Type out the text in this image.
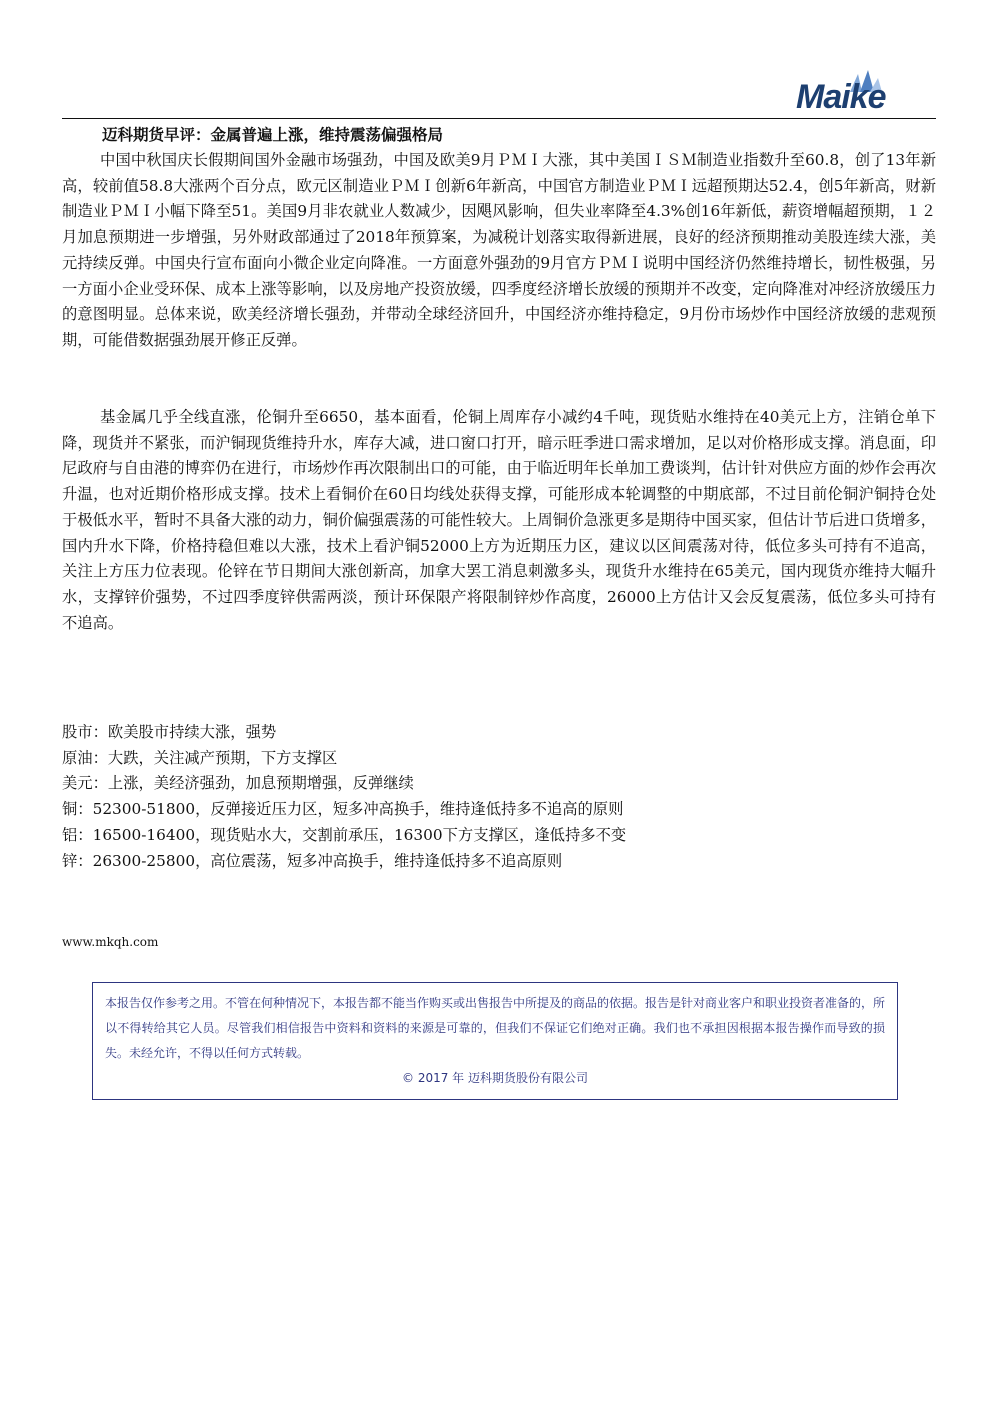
Maike
迈科期货早评：金属普遍上涨，维持震荡偏强格局

中国中秋国庆长假期间国外金融市场强劲，中国及欧美9月ＰＭＩ大涨，其中美国ＩＳＭ制造业指数升至60.8，创了13年新高，较前值58.8大涨两个百分点，欧元区制造业ＰＭＩ创新6年新高，中国官方制造业ＰＭＩ远超预期达52.4，创5年新高，财新制造业ＰＭＩ小幅下降至51。美国9月非农就业人数减少，因飓风影响，但失业率降至4.3%创16年新低，薪资增幅超预期，１２月加息预期进一步增强，另外财政部通过了2018年预算案，为减税计划落实取得新进展，良好的经济预期推动美股连续大涨，美元持续反弹。中国央行宣布面向小微企业定向降准。一方面意外强劲的9月官方ＰＭＩ说明中国经济仍然维持增长，韧性极强，另一方面小企业受环保、成本上涨等影响，以及房地产投资放缓，四季度经济增长放缓的预期并不改变，定向降准对冲经济放缓压力的意图明显。总体来说，欧美经济增长强劲，并带动全球经济回升，中国经济亦维持稳定，9月份市场炒作中国经济放缓的悲观预期，可能借数据强劲展开修正反弹。

基金属几乎全线直涨，伦铜升至6650，基本面看，伦铜上周库存小减约4千吨，现货贴水维持在40美元上方，注销仓单下降，现货并不紧张，而沪铜现货维持升水，库存大减，进口窗口打开，暗示旺季进口需求增加，足以对价格形成支撑。消息面，印尼政府与自由港的博弈仍在进行，市场炒作再次限制出口的可能，由于临近明年长单加工费谈判，估计针对供应方面的炒作会再次升温，也对近期价格形成支撑。技术上看铜价在60日均线处获得支撑，可能形成本轮调整的中期底部，不过目前伦铜沪铜持仓处于极低水平，暂时不具备大涨的动力，铜价偏强震荡的可能性较大。上周铜价急涨更多是期待中国买家，但估计节后进口货增多，国内升水下降，价格持稳但难以大涨，技术上看沪铜52000上方为近期压力区，建议以区间震荡对待，低位多头可持有不追高，关注上方压力位表现。伦锌在节日期间大涨创新高，加拿大罢工消息刺激多头，现货升水维持在65美元，国内现货亦维持大幅升水，支撑锌价强势，不过四季度锌供需两淡，预计环保限产将限制锌炒作高度，26000上方估计又会反复震荡，低位多头可持有不追高。

股市：欧美股市持续大涨，强势
原油：大跌，关注减产预期，下方支撑区
美元：上涨，美经济强劲，加息预期增强，反弹继续
铜：52300-51800，反弹接近压力区，短多冲高换手，维持逢低持多不追高的原则
铝：16500-16400，现货贴水大，交割前承压，16300下方支撑区，逢低持多不变
锌：26300-25800，高位震荡，短多冲高换手，维持逢低持多不追高原则
www.mkqh.com

本报告仅作参考之用。不管在何种情况下，本报告都不能当作购买或出售报告中所提及的商品的依据。报告是针对商业客户和职业投资者准备的，所以不得转给其它人员。尽管我们相信报告中资料和资料的来源是可靠的，但我们不保证它们绝对正确。我们也不承担因根据本报告操作而导致的损失。未经允许，不得以任何方式转载。

© 2017 年 迈科期货股份有限公司
